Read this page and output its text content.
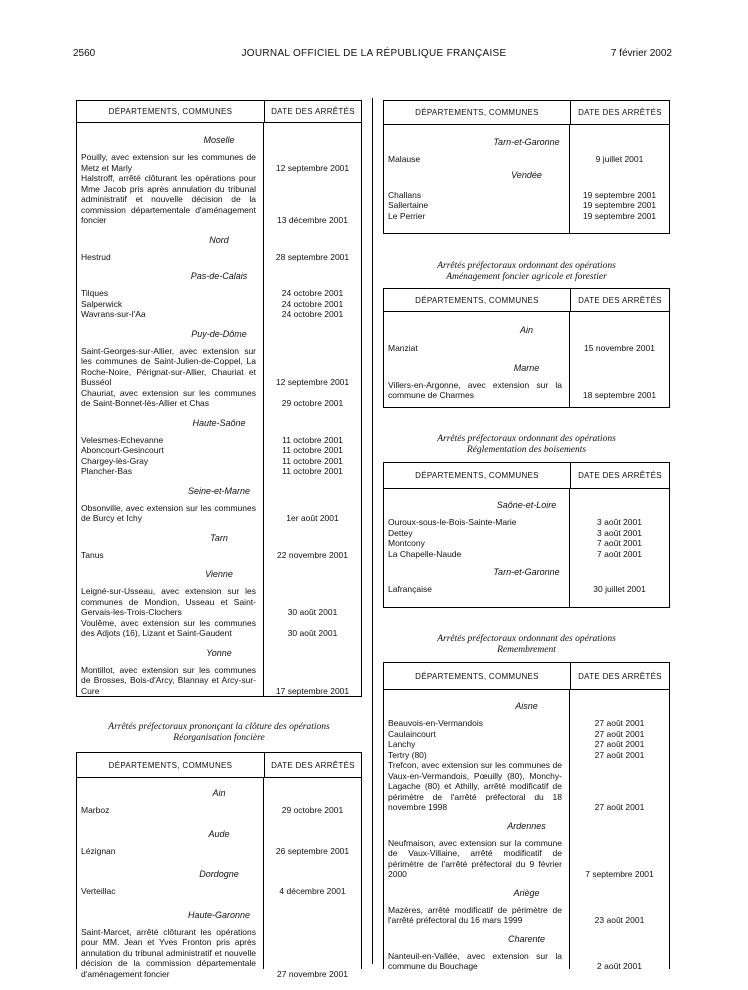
2560	JOURNAL OFFICIEL DE LA RÉPUBLIQUE FRANÇAISE	7 février 2002
DÉPARTEMENTS, COMMUNES	DATE DES ARRÊTÉS
Moselle
Pouilly, avec extension sur les communes de Metz et Marly	12 septembre 2001
Halstroff, arrêté clôturant les opérations pour Mme Jacob pris après annulation du tribunal administratif et nouvelle décision de la commission départementale d'aménagement foncier	13 décembre 2001
Nord
Hestrud	28 septembre 2001
Pas-de-Calais
Tilques	24 octobre 2001
Salperwick	24 octobre 2001
Wavrans-sur-l'Aa	24 octobre 2001
Puy-de-Dôme
Saint-Georges-sur-Allier, avec extension sur les communes de Saint-Julien-de-Coppel, La Roche-Noire, Pérignat-sur-Allier, Chauriat et Busséol	12 septembre 2001
Chauriat, avec extension sur les communes de Saint-Bonnet-lès-Allier et Chas	29 octobre 2001
Haute-Saône
Velesmes-Echevanne	11 octobre 2001
Aboncourt-Gesincourt	11 octobre 2001
Chargey-lès-Gray	11 octobre 2001
Plancher-Bas	11 octobre 2001
Seine-et-Marne
Obsonville, avec extension sur les communes de Burcy et Ichy	1er août 2001
Tarn
Tanus	22 novembre 2001
Vienne
Leigné-sur-Usseau, avec extension sur les communes de Mondion, Usseau et Saint-Gervais-les-Trois-Clochers	30 août 2001
Voulême, avec extension sur les communes des Adjots (16), Lizant et Saint-Gaudent	30 août 2001
Yonne
Montillot, avec extension sur les communes de Brosses, Bois-d'Arcy, Blannay et Arcy-sur-Cure	17 septembre 2001
Arrêtés préfectoraux prononçant la clôture des opérations
Réorganisation foncière
DÉPARTEMENTS, COMMUNES	DATE DES ARRÊTÉS
Ain
Marboz	29 octobre 2001
Aude
Lézignan	26 septembre 2001
Dordogne
Verteillac	4 décembre 2001
Haute-Garonne
Saint-Marcet, arrêté clôturant les opérations pour MM. Jean et Yves Fronton pris après annulation du tribunal administratif et nouvelle décision de la commission départementale d'aménagement foncier	27 novembre 2001
DÉPARTEMENTS, COMMUNES	DATE DES ARRÊTÉS
Tarn-et-Garonne
Malause	9 juillet 2001
Vendée
Challans	19 septembre 2001
Sallertaine	19 septembre 2001
Le Perrier	19 septembre 2001
Arrêtés préfectoraux ordonnant des opérations
Aménagement foncier agricole et forestier
DÉPARTEMENTS, COMMUNES	DATE DES ARRÊTÉS
Ain
Manziat	15 novembre 2001
Marne
Villers-en-Argonne, avec extension sur la commune de Charmes	18 septembre 2001
Arrêtés préfectoraux ordonnant des opérations
Réglementation des boisements
DÉPARTEMENTS, COMMUNES	DATE DES ARRÊTÉS
Saône-et-Loire
Ouroux-sous-le-Bois-Sainte-Marie	3 août 2001
Dettey	3 août 2001
Montcony	7 août 2001
La Chapelle-Naude	7 août 2001
Tarn-et-Garonne
Lafrançaise	30 juillet 2001
Arrêtés préfectoraux ordonnant des opérations
Remembrement
DÉPARTEMENTS, COMMUNES	DATE DES ARRÊTÉS
Aisne
Beauvois-en-Vermandois	27 août 2001
Caulaincourt	27 août 2001
Lanchy	27 août 2001
Tertry (80)	27 août 2001
Trefcon, avec extension sur les communes de Vaux-en-Vermandois, Pœuilly (80), Monchy-Lagache (80) et Athilly, arrêté modificatif de périmètre de l'arrêté préfectoral du 18 novembre 1998	27 août 2001
Ardennes
Neufmaison, avec extension sur la commune de Vaux-Villaine, arrêté modificatif de périmètre de l'arrêté préfectoral du 9 février 2000	7 septembre 2001
Ariège
Mazères, arrêté modificatif de périmètre de l'arrêté préfectoral du 16 mars 1999	23 août 2001
Charente
Nanteuil-en-Vallée, avec extension sur la commune du Bouchage	2 août 2001
